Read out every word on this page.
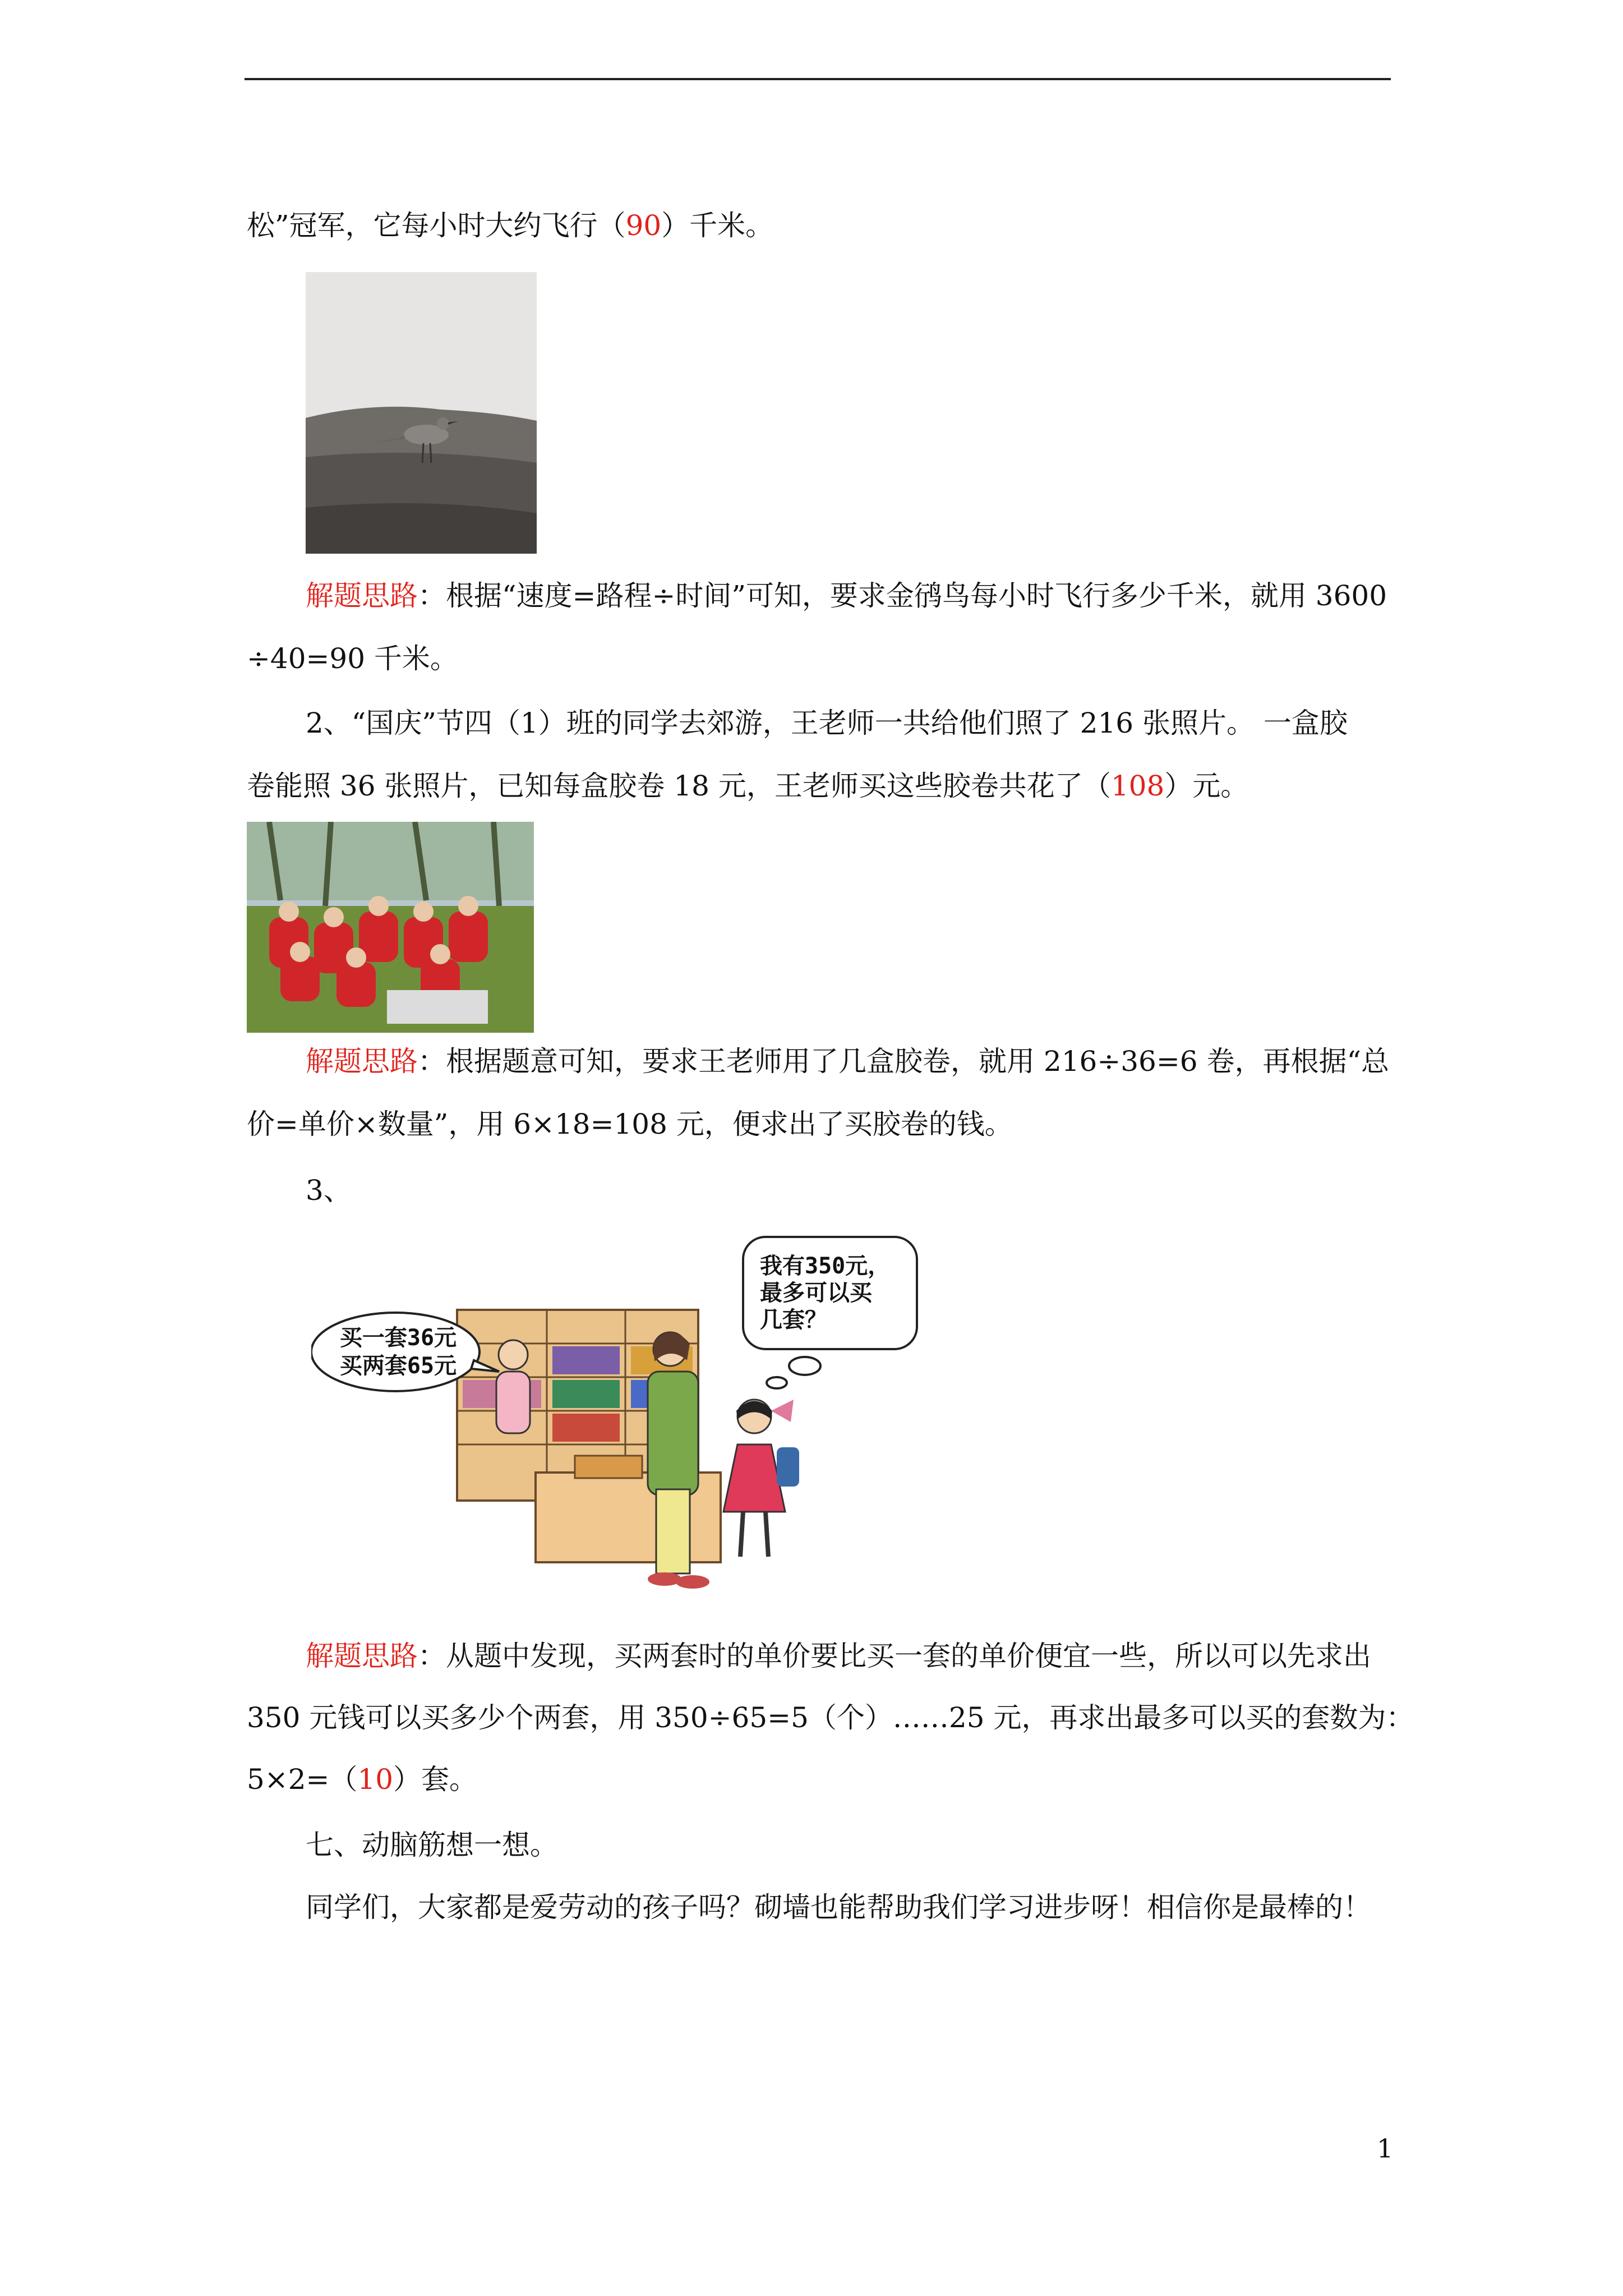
松”冠军，它每小时大约飞行（90）千米。
解题思路：根据“速度=路程÷时间”可知，要求金鸻鸟每小时飞行多少千米，就用 3600
÷40=90 千米。
2、“国庆”节四（1）班的同学去郊游，王老师一共给他们照了 216 张照片。 一盒胶
卷能照 36 张照片，已知每盒胶卷 18 元，王老师买这些胶卷共花了（108）元。
解题思路：根据题意可知，要求王老师用了几盒胶卷，就用 216÷36=6 卷，再根据“总
价=单价×数量”，用 6×18=108 元，便求出了买胶卷的钱。
3、
买一套36元
买两套65元
我有350元，
最多可以买
几套？
解题思路：从题中发现，买两套时的单价要比买一套的单价便宜一些，所以可以先求出
350 元钱可以买多少个两套，用 350÷65=5（个）……25 元，再求出最多可以买的套数为：
5×2=（10）套。
七、动脑筋想一想。
同学们，大家都是爱劳动的孩子吗？砌墙也能帮助我们学习进步呀！相信你是最棒的！
1
